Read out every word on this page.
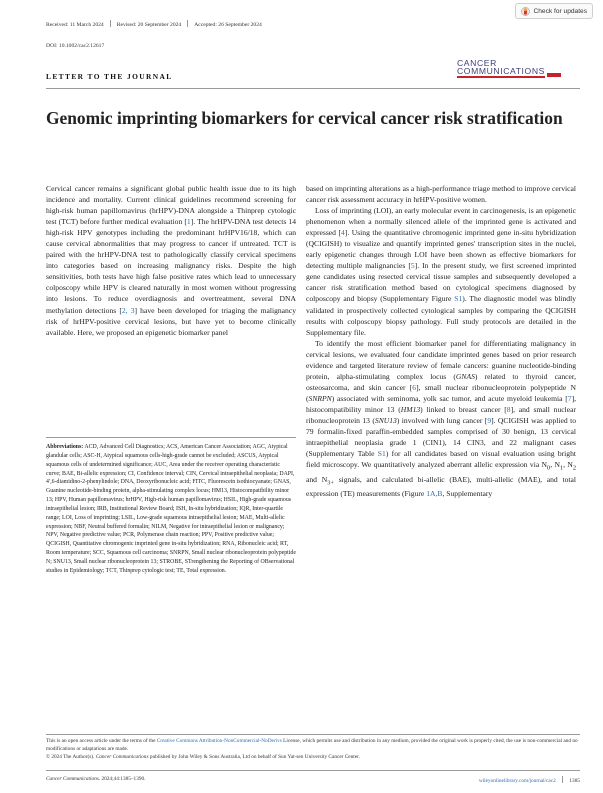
Received: 11 March 2024 Revised: 20 September 2024 Accepted: 26 September 2024
DOI: 10.1002/cac2.12617
Check for updates
CANCER
COMMUNICATIONS
LETTER TO THE JOURNAL
Genomic imprinting biomarkers for cervical cancer risk stratification

Cervical cancer remains a significant global public health issue due to its high incidence and mortality. Current clinical guidelines recommend screening for high-risk human papillomavirus (hrHPV)-DNA alongside a Thinprep cytologic test (TCT) before further medical evaluation [1]. The hrHPV-DNA test detects 14 high-risk HPV genotypes including the predominant hrHPV16/18, which can cause cervical abnormalities that may progress to cancer if untreated. TCT is paired with the hrHPV-DNA test to pathologically classify cervical specimens into categories based on increasing malignancy risks. Despite the high sensitivities, both tests have high false positive rates which lead to unnecessary colposcopy while HPV is cleared naturally in most women without progressing into lesions. To reduce overdiagnosis and overtreatment, several DNA methylation detections [2, 3] have been developed for triaging the malignancy risk of hrHPV-positive cervical lesions, but have yet to become clinically available. Here, we proposed an epigenetic biomarker panel

Abbreviations: ACD, Advanced Cell Diagnostics; ACS, American Cancer Association; AGC, Atypical glandular cells; ASC-H, Atypical squamous cells-high-grade cannot be excluded; ASCUS, Atypical squamous cells of undetermined significance; AUC, Area under the receiver operating characteristic curve; BAE, Bi-allelic expression; CI, Confidence interval; CIN, Cervical intraepithelial neoplasia; DAPI, 4′,6-diamidino-2-phenylindole; DNA, Deoxyribonucleic acid; FITC, Fluorescein isothiocyanate; GNAS, Guanine nucleotide-binding protein, alpha-stimulating complex locus; HM13, Histocompatibility minor 13; HPV, Human papillomavirus; hrHPV, High-risk human papillomavirus; HSIL, High-grade squamous intraepithelial lesion; IRB, Institutional Review Board; ISH, In-situ hybridization; IQR, Inter-quartile range; LOI, Loss of imprinting; LSIL, Low-grade squamous intraepithelial lesion; MAE, Multi-allelic expression; NBF, Neutral buffered formalin; NILM, Negative for intraepithelial lesion or malignancy; NPV, Negative predictive value; PCR, Polymerase chain reaction; PPV, Positive predictive value; QCIGISH, Quantitative chromogenic imprinted gene in-situ hybridization; RNA, Ribonucleic acid; RT, Room temperature; SCC, Squamous cell carcinoma; SNRPN, Small nuclear ribonucleoprotein polypeptide N; SNU13, Small nuclear ribonucleoprotein 13; STROBE, STrengthening the Reporting of OBservational studies in Epidemiology; TCT, Thinprep cytologic test; TE, Total expression.

based on imprinting alterations as a high-performance triage method to improve cervical cancer risk assessment accuracy in hrHPV-positive women.

Loss of imprinting (LOI), an early molecular event in carcinogenesis, is an epigenetic phenomenon when a normally silenced allele of the imprinted gene is activated and expressed [4]. Using the quantitative chromogenic imprinted gene in-situ hybridization (QCIGISH) to visualize and quantify imprinted genes' transcription sites in the nuclei, early epigenetic changes through LOI have been shown as effective biomarkers for detecting multiple malignancies [5]. In the present study, we first screened imprinted gene candidates using resected cervical tissue samples and subsequently developed a cancer risk stratification method based on cytological specimens diagnosed by colposcopy and biopsy (Supplementary Figure S1). The diagnostic model was blindly validated in prospectively collected cytological samples by comparing the QCIGISH results with colposcopy biopsy pathology. Full study protocols are detailed in the Supplementary file.

To identify the most efficient biomarker panel for differentiating malignancy in cervical lesions, we evaluated four candidate imprinted genes based on prior research evidence and targeted literature review of female cancers: guanine nucleotide-binding protein, alpha-stimulating complex locus (GNAS) related to thyroid cancer, osteosarcoma, and skin cancer [6], small nuclear ribonucleoprotein polypeptide N (SNRPN) associated with seminoma, yolk sac tumor, and acute myeloid leukemia [7], histocompatibility minor 13 (HM13) linked to breast cancer [8], and small nuclear ribonucleoprotein 13 (SNU13) involved with lung cancer [9]. QCIGISH was applied to 79 formalin-fixed paraffin-embedded samples comprised of 30 benign, 13 cervical intraepithelial neoplasia grade 1 (CIN1), 14 CIN3, and 22 malignant cases (Supplementary Table S1) for all candidates based on visual evaluation using bright field microscopy. We quantitatively analyzed aberrant allelic expression via $N_0$, $N_1$, $N_2$ and $N_{3+}$ signals, and calculated bi-allelic (BAE), multi-allelic (MAE), and total expression (TE) measurements (Figure 1A,B, Supplementary

This is an open access article under the terms of the Creative Commons Attribution-NonCommercial-NoDerivs License, which permits use and distribution in any medium, provided the original work is properly cited, the use is non-commercial and no modifications or adaptations are made.
© 2024 The Author(s). Cancer Communications published by John Wiley & Sons Australia, Ltd on behalf of Sun Yat-sen University Cancer Center.
Cancer Communications. 2024;44:1385–1390.	wileyonlinelibrary.com/journal/cac2	1385
